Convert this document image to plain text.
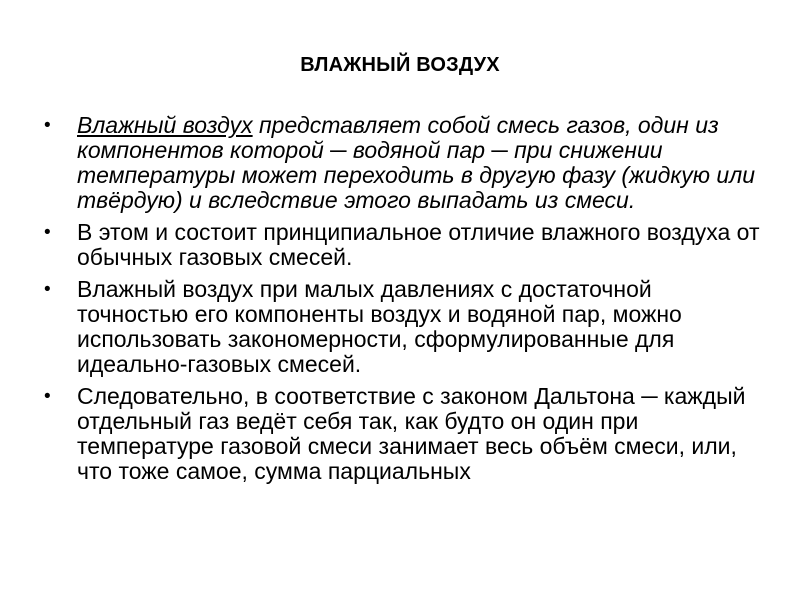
ВЛАЖНЫЙ ВОЗДУХ
• Влажный воздух представляет собой смесь газов, один из компонентов которой ─ водяной пар ─ при снижении температуры может переходить в другую фазу (жидкую или твёрдую) и вследствие этого выпадать из смеси.
• В этом и состоит принципиальное отличие влажного воздуха от обычных газовых смесей.
• Влажный воздух при малых давлениях с достаточной точностью его компоненты воздух и водяной пар, можно использовать закономерности, сформулированные для идеально-газовых смесей.
• Следовательно, в соответствие с законом Дальтона ─ каждый отдельный газ ведёт себя так, как будто он один при температуре газовой смеси занимает весь объём смеси, или, что тоже самое, сумма парциальных
